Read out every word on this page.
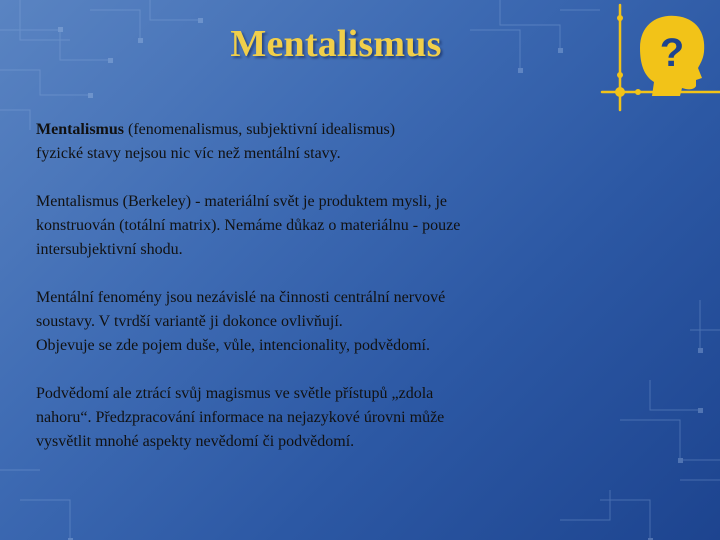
Mentalismus	?
Mentalismus (fenomenalismus, subjektivní idealismus)
fyzické stavy nejsou nic víc než mentální stavy.
Mentalismus (Berkeley) - materiální svět je produktem mysli, je
konstruován (totální matrix). Nemáme důkaz o materiálnu - pouze
intersubjektivní shodu.
Mentální fenomény jsou nezávislé na činnosti centrální nervové
soustavy. V tvrdší variantě ji dokonce ovlivňují.
Objevuje se zde pojem duše, vůle, intencionality, podvědomí.
Podvědomí ale ztrácí svůj magismus ve světle přístupů „zdola
nahoru“. Předzpracování informace na nejazykové úrovni může
vysvětlit mnohé aspekty nevědomí či podvědomí.
